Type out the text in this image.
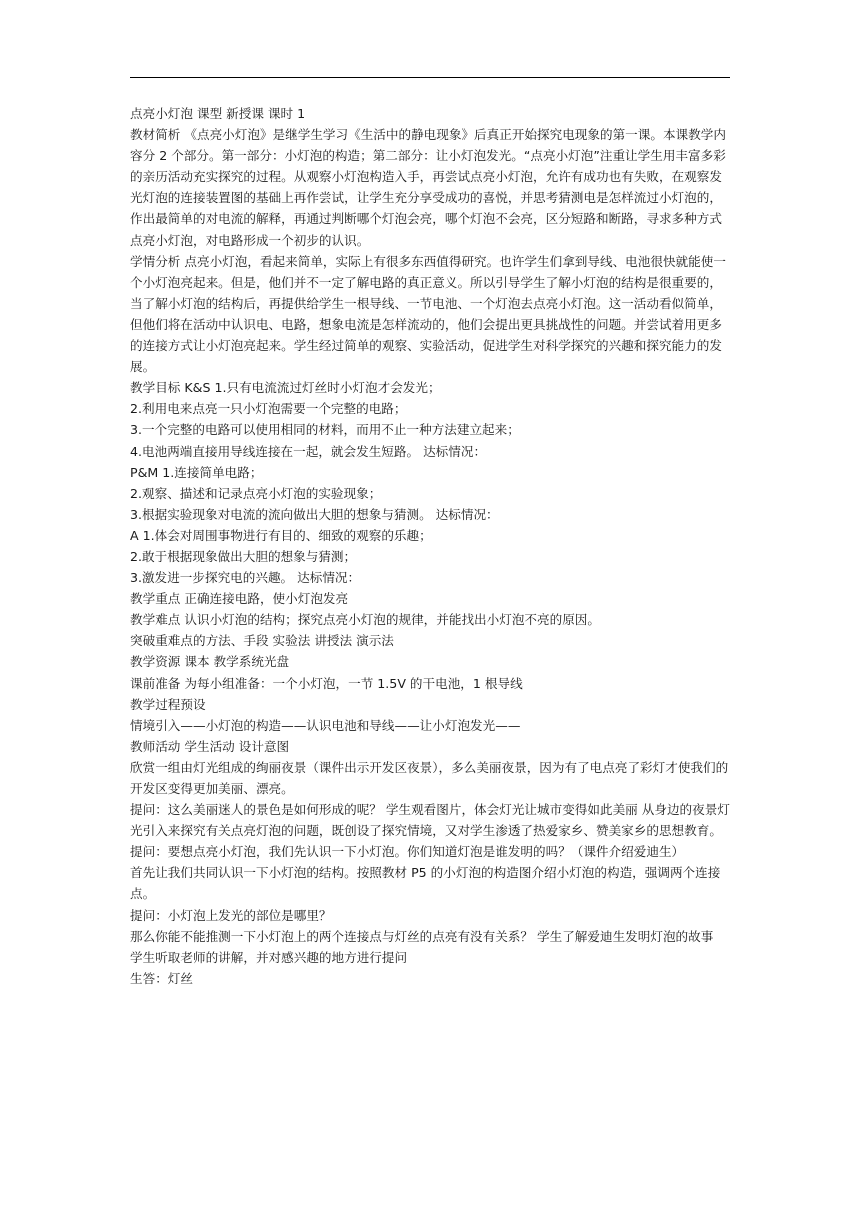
点亮小灯泡 课型 新授课 课时 1

教材简析 《点亮小灯泡》是继学生学习《生活中的静电现象》后真正开始探究电现象的第一课。本课教学内容分 2 个部分。第一部分：小灯泡的构造；第二部分：让小灯泡发光。“点亮小灯泡”注重让学生用丰富多彩的亲历活动充实探究的过程。从观察小灯泡构造入手，再尝试点亮小灯泡，允许有成功也有失败，在观察发光灯泡的连接装置图的基础上再作尝试，让学生充分享受成功的喜悦，并思考猜测电是怎样流过小灯泡的，作出最简单的对电流的解释，再通过判断哪个灯泡会亮，哪个灯泡不会亮，区分短路和断路，寻求多种方式点亮小灯泡，对电路形成一个初步的认识。

学情分析 点亮小灯泡，看起来简单，实际上有很多东西值得研究。也许学生们拿到导线、电池很快就能使一个小灯泡亮起来。但是，他们并不一定了解电路的真正意义。所以引导学生了解小灯泡的结构是很重要的，当了解小灯泡的结构后，再提供给学生一根导线、一节电池、一个灯泡去点亮小灯泡。这一活动看似简单，但他们将在活动中认识电、电路，想象电流是怎样流动的，他们会提出更具挑战性的问题。并尝试着用更多的连接方式让小灯泡亮起来。学生经过简单的观察、实验活动，促进学生对科学探究的兴趣和探究能力的发展。

教学目标 K&S 1.只有电流流过灯丝时小灯泡才会发光；

2.利用电来点亮一只小灯泡需要一个完整的电路；

3.一个完整的电路可以使用相同的材料，而用不止一种方法建立起来；

4.电池两端直接用导线连接在一起，就会发生短路。 达标情况：

P&M 1.连接简单电路；

2.观察、描述和记录点亮小灯泡的实验现象；

3.根据实验现象对电流的流向做出大胆的想象与猜测。 达标情况：

A 1.体会对周围事物进行有目的、细致的观察的乐趣；

2.敢于根据现象做出大胆的想象与猜测；

3.激发进一步探究电的兴趣。 达标情况：

教学重点 正确连接电路，使小灯泡发亮

教学难点 认识小灯泡的结构；探究点亮小灯泡的规律，并能找出小灯泡不亮的原因。

突破重难点的方法、手段 实验法 讲授法 演示法

教学资源 课本 教学系统光盘

课前准备 为每小组准备：一个小灯泡，一节 1.5V 的干电池，1 根导线

教学过程预设

情境引入——小灯泡的构造——认识电池和导线——让小灯泡发光——

教师活动 学生活动 设计意图

欣赏一组由灯光组成的绚丽夜景（课件出示开发区夜景），多么美丽夜景，因为有了电点亮了彩灯才使我们的开发区变得更加美丽、漂亮。

提问：这么美丽迷人的景色是如何形成的呢？ 学生观看图片，体会灯光让城市变得如此美丽 从身边的夜景灯光引入来探究有关点亮灯泡的问题，既创设了探究情境，又对学生渗透了热爱家乡、赞美家乡的思想教育。

提问：要想点亮小灯泡，我们先认识一下小灯泡。你们知道灯泡是谁发明的吗？（课件介绍爱迪生）

首先让我们共同认识一下小灯泡的结构。按照教材 P5 的小灯泡的构造图介绍小灯泡的构造，强调两个连接点。

提问：小灯泡上发光的部位是哪里？

那么你能不能推测一下小灯泡上的两个连接点与灯丝的点亮有没有关系？ 学生了解爱迪生发明灯泡的故事

学生听取老师的讲解，并对感兴趣的地方进行提问

生答：灯丝
